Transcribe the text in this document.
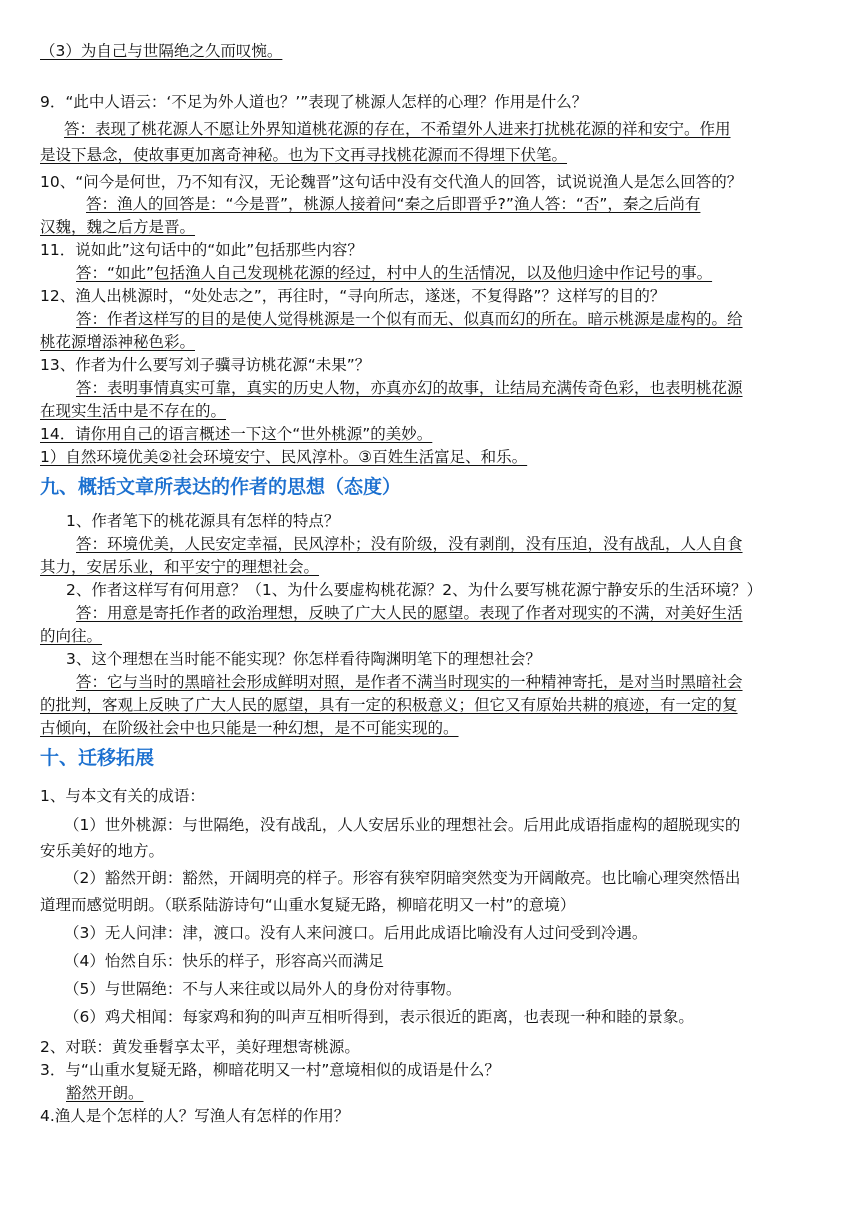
（3）为自己与世隔绝之久而叹惋。
9．“此中人语云：‘不足为外人道也？’”表现了桃源人怎样的心理？作用是什么？
答：表现了桃花源人不愿让外界知道桃花源的存在，不希望外人进来打扰桃花源的祥和安宁。作用
是设下悬念，使故事更加离奇神秘。也为下文再寻找桃花源而不得埋下伏笔。
10、“问今是何世，乃不知有汉，无论魏晋”这句话中没有交代渔人的回答，试说说渔人是怎么回答的？
答：渔人的回答是：“今是晋”，桃源人接着问“秦之后即晋乎?”渔人答：“否”，秦之后尚有
汉魏，魏之后方是晋。
11．说如此”这句话中的“如此”包括那些内容？
答：“如此”包括渔人自己发现桃花源的经过，村中人的生活情况，以及他归途中作记号的事。
12、渔人出桃源时，“处处志之”，再往时，“寻向所志，遂迷，不复得路”？这样写的目的？
答：作者这样写的目的是使人觉得桃源是一个似有而无、似真而幻的所在。暗示桃源是虚构的。给
桃花源增添神秘色彩。
13、作者为什么要写刘子骥寻访桃花源“未果”？
答：表明事情真实可靠，真实的历史人物，亦真亦幻的故事，让结局充满传奇色彩，也表明桃花源
在现实生活中是不存在的。
14．请你用自己的语言概述一下这个“世外桃源”的美妙。
1）自然环境优美②社会环境安宁、民风淳朴。③百姓生活富足、和乐。
九、概括文章所表达的作者的思想（态度）
1、作者笔下的桃花源具有怎样的特点？
答：环境优美，人民安定幸福，民风淳朴；没有阶级，没有剥削，没有压迫，没有战乱，人人自食
其力，安居乐业，和平安宁的理想社会。
2、作者这样写有何用意？（1、为什么要虚构桃花源？2、为什么要写桃花源宁静安乐的生活环境？）
答：用意是寄托作者的政治理想，反映了广大人民的愿望。表现了作者对现实的不满，对美好生活
的向往。
3、这个理想在当时能不能实现？你怎样看待陶渊明笔下的理想社会？
答：它与当时的黑暗社会形成鲜明对照，是作者不满当时现实的一种精神寄托，是对当时黑暗社会
的批判，客观上反映了广大人民的愿望，具有一定的积极意义；但它又有原始共耕的痕迹，有一定的复
古倾向，在阶级社会中也只能是一种幻想，是不可能实现的。
十、迁移拓展
1、与本文有关的成语：
（1）世外桃源：与世隔绝，没有战乱，人人安居乐业的理想社会。后用此成语指虚构的超脱现实的
安乐美好的地方。
（2）豁然开朗：豁然，开阔明亮的样子。形容有狭窄阴暗突然变为开阔敞亮。也比喻心理突然悟出
道理而感觉明朗。（联系陆游诗句“山重水复疑无路，柳暗花明又一村”的意境）
（3）无人问津：津，渡口。没有人来问渡口。后用此成语比喻没有人过问受到冷遇。
（4）怡然自乐：快乐的样子，形容高兴而满足
（5）与世隔绝：不与人来往或以局外人的身份对待事物。
（6）鸡犬相闻：每家鸡和狗的叫声互相听得到，表示很近的距离，也表现一种和睦的景象。
2、对联：黄发垂髫享太平，美好理想寄桃源。
3．与“山重水复疑无路，柳暗花明又一村”意境相似的成语是什么？
豁然开朗。
4.渔人是个怎样的人？写渔人有怎样的作用？
